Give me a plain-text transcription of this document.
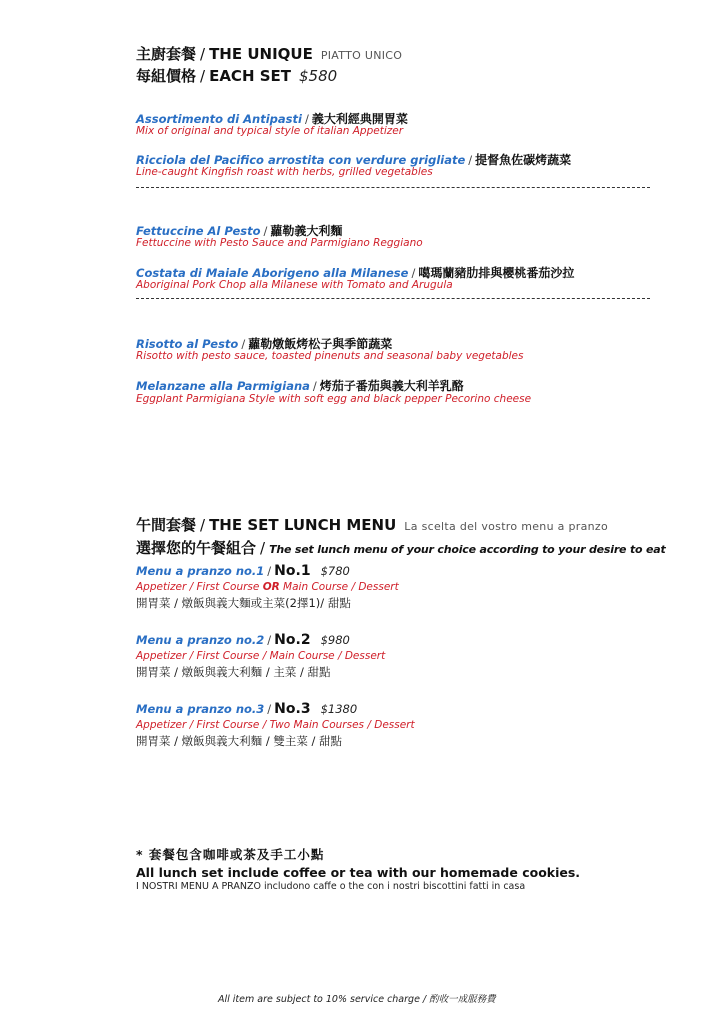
主廚套餐 / THE UNIQUE PIATTO UNICO
每組價格 / EACH SET $580
Assortimento di Antipasti / 義大利經典開胃菜
Mix of original and typical style of italian Appetizer
Ricciola del Pacifico arrostita con verdure grigliate / 提督魚佐碳烤蔬菜
Line-caught Kingfish roast with herbs, grilled vegetables
Fettuccine Al Pesto / 蘿勒義大利麵
Fettuccine with Pesto Sauce and Parmigiano Reggiano
Costata di Maiale Aborigeno alla Milanese / 噶瑪蘭豬肋排與櫻桃番茄沙拉
Aboriginal Pork Chop alla Milanese with Tomato and Arugula
Risotto al Pesto / 蘿勒燉飯烤松子與季節蔬菜
Risotto with pesto sauce, toasted pinenuts and seasonal baby vegetables
Melanzane alla Parmigiana / 烤茄子番茄與義大利羊乳酪
Eggplant Parmigiana Style with soft egg and black pepper Pecorino cheese
午間套餐 / THE SET LUNCH MENU La scelta del vostro menu a pranzo
選擇您的午餐組合 / The set lunch menu of your choice according to your desire to eat
Menu a pranzo no.1 / No.1 $780
Appetizer / First Course OR Main Course / Dessert
開胃菜 / 燉飯與義大麵或主菜(2擇1)/ 甜點
Menu a pranzo no.2 / No.2 $980
Appetizer / First Course / Main Course / Dessert
開胃菜 / 燉飯與義大利麵 / 主菜 / 甜點
Menu a pranzo no.3 / No.3 $1380
Appetizer / First Course / Two Main Courses / Dessert
開胃菜 / 燉飯與義大利麵 / 雙主菜 / 甜點
* 套餐包含咖啡或茶及手工小點
All lunch set include coffee or tea with our homemade cookies.
I NOSTRI MENU A PRANZO includono caffe o the con i nostri biscottini fatti in casa
All item are subject to 10% service charge / 酌收一成服務費
